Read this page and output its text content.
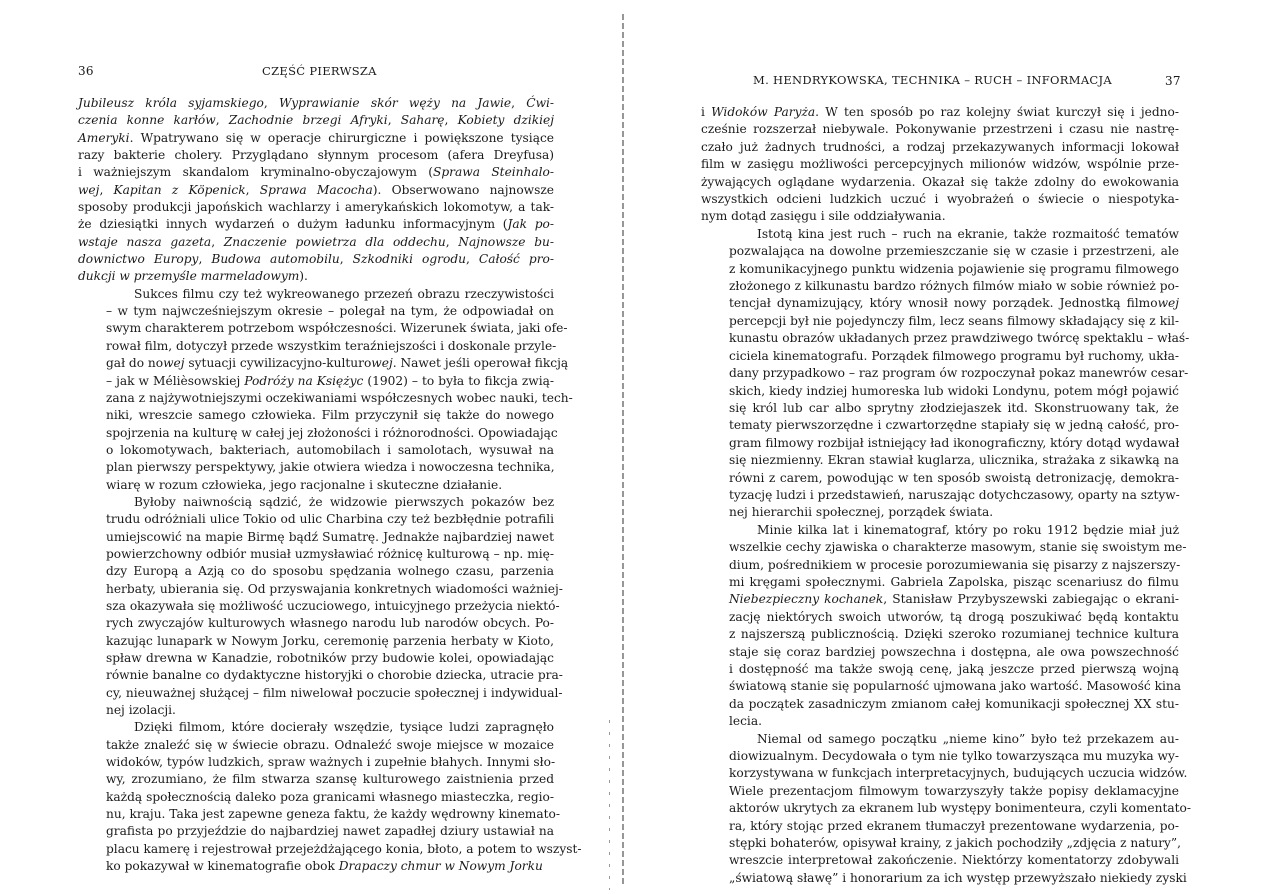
36	CZĘŚĆ PIERWSZA
Jubileusz króla syjamskiego, Wyprawianie skór węży na Jawie, Ćwi-
czenia konne karłów, Zachodnie brzegi Afryki, Saharę, Kobiety dzikiej
Ameryki. Wpatrywano się w operacje chirurgiczne i powiększone tysiące
razy bakterie cholery. Przyglądano słynnym procesom (afera Dreyfusa)
i ważniejszym skandalom kryminalno-obyczajowym (Sprawa Steinhalo-
wej, Kapitan z Köpenick, Sprawa Macocha). Obserwowano najnowsze
sposoby produkcji japońskich wachlarzy i amerykańskich lokomotyw, a tak-
że dziesiątki innych wydarzeń o dużym ładunku informacyjnym (Jak po-
wstaje nasza gazeta, Znaczenie powietrza dla oddechu, Najnowsze bu-
downictwo Europy, Budowa automobilu, Szkodniki ogrodu, Całość pro-
dukcji w przemyśle marmeladowym).
Sukces filmu czy też wykreowanego przezeń obrazu rzeczywistości
– w tym najwcześniejszym okresie – polegał na tym, że odpowiadał on
swym charakterem potrzebom współczesności. Wizerunek świata, jaki ofe-
rował film, dotyczył przede wszystkim teraźniejszości i doskonale przyle-
gał do nowej sytuacji cywilizacyjno-kulturowej. Nawet jeśli operował fikcją
– jak w Méliѐsowskiej Podróży na Księżyc (1902) – to była to fikcja zwią-
zana z najżywotniejszymi oczekiwaniami współczesnych wobec nauki, tech-
niki, wreszcie samego człowieka. Film przyczynił się także do nowego
spojrzenia na kulturę w całej jej złożoności i różnorodności. Opowiadając
o lokomotywach, bakteriach, automobilach i samolotach, wysuwał na
plan pierwszy perspektywy, jakie otwiera wiedza i nowoczesna technika,
wiarę w rozum człowieka, jego racjonalne i skuteczne działanie.
Byłoby naiwnością sądzić, że widzowie pierwszych pokazów bez
trudu odróżniali ulice Tokio od ulic Charbina czy też bezbłędnie potrafili
umiejscowić na mapie Birmę bądź Sumatrę. Jednakże najbardziej nawet
powierzchowny odbiór musiał uzmysławiać różnicę kulturową – np. mię-
dzy Europą a Azją co do sposobu spędzania wolnego czasu, parzenia
herbaty, ubierania się. Od przyswajania konkretnych wiadomości ważniej-
sza okazywała się możliwość uczuciowego, intuicyjnego przeżycia niektó-
rych zwyczajów kulturowych własnego narodu lub narodów obcych. Po-
kazując lunapark w Nowym Jorku, ceremonię parzenia herbaty w Kioto,
spław drewna w Kanadzie, robotników przy budowie kolei, opowiadając
równie banalne co dydaktyczne historyjki o chorobie dziecka, utracie pra-
cy, nieuważnej służącej – film niwelował poczucie społecznej i indywidual-
nej izolacji.
Dzięki filmom, które docierały wszędzie, tysiące ludzi zapragnęło
także znaleźć się w świecie obrazu. Odnaleźć swoje miejsce w mozaice
widoków, typów ludzkich, spraw ważnych i zupełnie błahych. Innymi sło-
wy, zrozumiano, że film stwarza szansę kulturowego zaistnienia przed
każdą społecznością daleko poza granicami własnego miasteczka, regio-
nu, kraju. Taka jest zapewne geneza faktu, że każdy wędrowny kinemato-
grafista po przyjeździe do najbardziej nawet zapadłej dziury ustawiał na
placu kamerę i rejestrował przejeżdżającego konia, błoto, a potem to wszyst-
ko pokazywał w kinematografie obok Drapaczy chmur w Nowym Jorku
M. HENDRYKOWSKA, TECHNIKA – RUCH – INFORMACJA	37
i Widoków Paryża. W ten sposób po raz kolejny świat kurczył się i jedno-
cześnie rozszerzał niebywale. Pokonywanie przestrzeni i czasu nie nastrę-
czało już żadnych trudności, a rodzaj przekazywanych informacji lokował
film w zasięgu możliwości percepcyjnych milionów widzów, wspólnie prze-
żywających oglądane wydarzenia. Okazał się także zdolny do ewokowania
wszystkich odcieni ludzkich uczuć i wyobrażeń o świecie o niespotyka-
nym dotąd zasięgu i sile oddziaływania.
Istotą kina jest ruch – ruch na ekranie, także rozmaitość tematów
pozwalająca na dowolne przemieszczanie się w czasie i przestrzeni, ale
z komunikacyjnego punktu widzenia pojawienie się programu filmowego
złożonego z kilkunastu bardzo różnych filmów miało w sobie również po-
tencjał dynamizujący, który wnosił nowy porządek. Jednostką filmowej
percepcji był nie pojedynczy film, lecz seans filmowy składający się z kil-
kunastu obrazów układanych przez prawdziwego twórcę spektaklu – właś-
ciciela kinematografu. Porządek filmowego programu był ruchomy, ukła-
dany przypadkowo – raz program ów rozpoczynał pokaz manewrów cesar-
skich, kiedy indziej humoreska lub widoki Londynu, potem mógł pojawić
się król lub car albo sprytny złodziejaszek itd. Skonstruowany tak, że
tematy pierwszorzędne i czwartorzędne stapiały się w jedną całość, pro-
gram filmowy rozbijał istniejący ład ikonograficzny, który dotąd wydawał
się niezmienny. Ekran stawiał kuglarza, ulicznika, strażaka z sikawką na
równi z carem, powodując w ten sposób swoistą detronizację, demokra-
tyzację ludzi i przedstawień, naruszając dotychczasowy, oparty na sztyw-
nej hierarchii społecznej, porządek świata.
Minie kilka lat i kinematograf, który po roku 1912 będzie miał już
wszelkie cechy zjawiska o charakterze masowym, stanie się swoistym me-
dium, pośrednikiem w procesie porozumiewania się pisarzy z najszerszy-
mi kręgami społecznymi. Gabriela Zapolska, pisząc scenariusz do filmu
Niebezpieczny kochanek, Stanisław Przybyszewski zabiegając o ekrani-
zację niektórych swoich utworów, tą drogą poszukiwać będą kontaktu
z najszerszą publicznością. Dzięki szeroko rozumianej technice kultura
staje się coraz bardziej powszechna i dostępna, ale owa powszechność
i dostępność ma także swoją cenę, jaką jeszcze przed pierwszą wojną
światową stanie się popularność ujmowana jako wartość. Masowość kina
da początek zasadniczym zmianom całej komunikacji społecznej XX stu-
lecia.
Niemal od samego początku „nieme kino” było też przekazem au-
diowizualnym. Decydowała o tym nie tylko towarzysząca mu muzyka wy-
korzystywana w funkcjach interpretacyjnych, budujących uczucia widzów.
Wiele prezentacjom filmowym towarzyszyły także popisy deklamacyjne
aktorów ukrytych za ekranem lub występy bonimenteura, czyli komentato-
ra, który stojąc przed ekranem tłumaczył prezentowane wydarzenia, po-
stępki bohaterów, opisywał krainy, z jakich pochodziły „zdjęcia z natury”,
wreszcie interpretował zakończenie. Niektórzy komentatorzy zdobywali
„światową sławę” i honorarium za ich występ przewyższało niekiedy zyski
